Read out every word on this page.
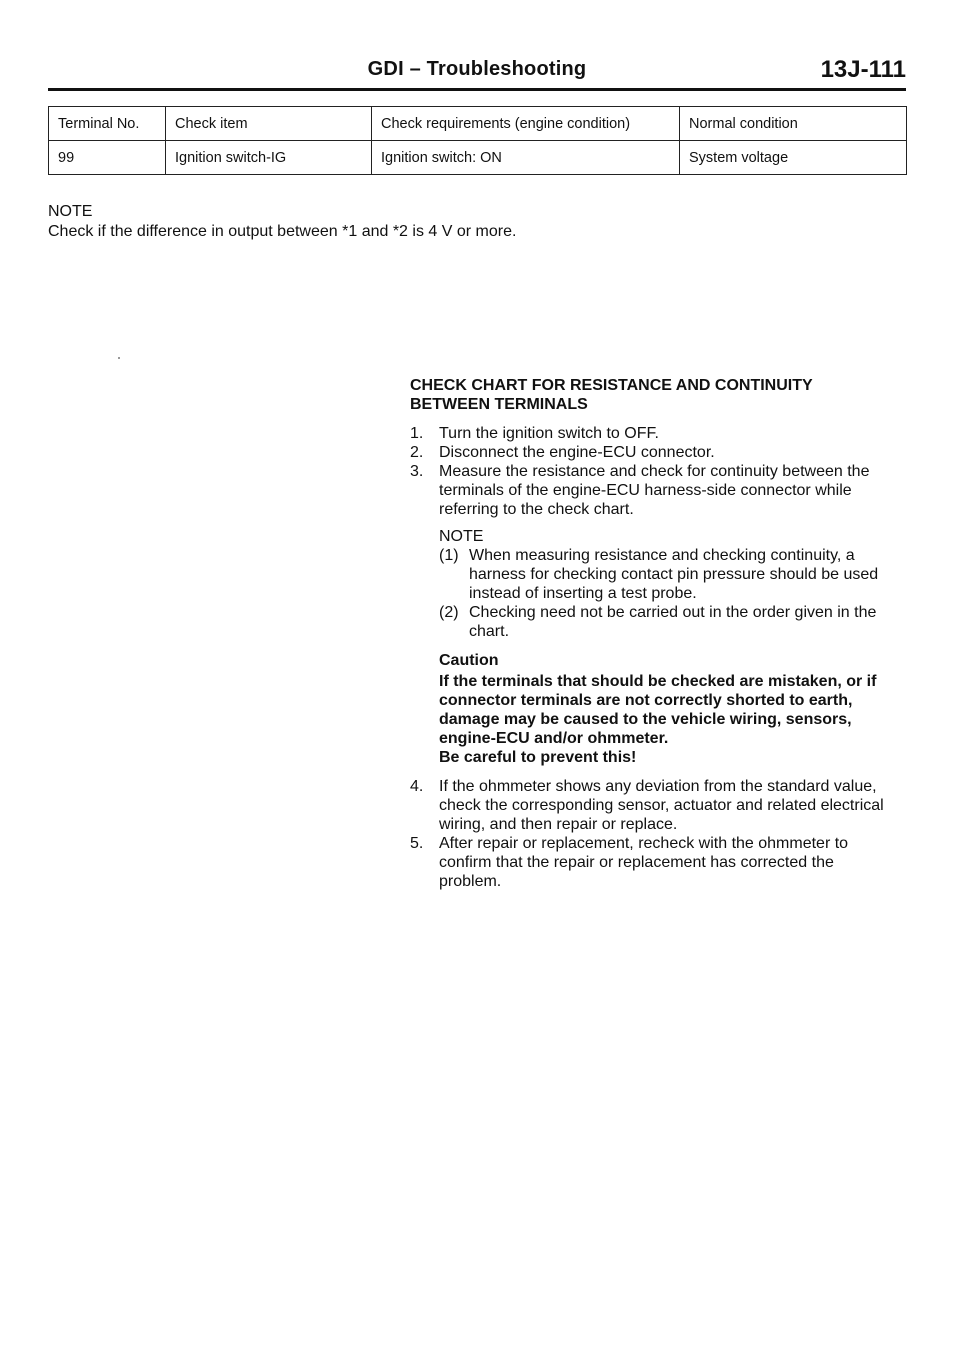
GDI – Troubleshooting	13J-111
Terminal No.	Check item	Check requirements (engine condition)	Normal condition
99	Ignition switch-IG	Ignition switch: ON	System voltage
NOTE
Check if the difference in output between *1 and *2 is 4 V or more.
CHECK CHART FOR RESISTANCE AND CONTINUITY
BETWEEN TERMINALS
1. Turn the ignition switch to OFF.
2. Disconnect the engine-ECU connector.
3. Measure the resistance and check for continuity between the terminals of the engine-ECU harness-side connector while referring to the check chart.
NOTE
(1) When measuring resistance and checking continuity, a harness for checking contact pin pressure should be used instead of inserting a test probe.
(2) Checking need not be carried out in the order given in the chart.
Caution
If the terminals that should be checked are mistaken, or if connector terminals are not correctly shorted to earth, damage may be caused to the vehicle wiring, sensors, engine-ECU and/or ohmmeter.
Be careful to prevent this!
4. If the ohmmeter shows any deviation from the standard value, check the corresponding sensor, actuator and related electrical wiring, and then repair or replace.
5. After repair or replacement, recheck with the ohmmeter to confirm that the repair or replacement has corrected the problem.
